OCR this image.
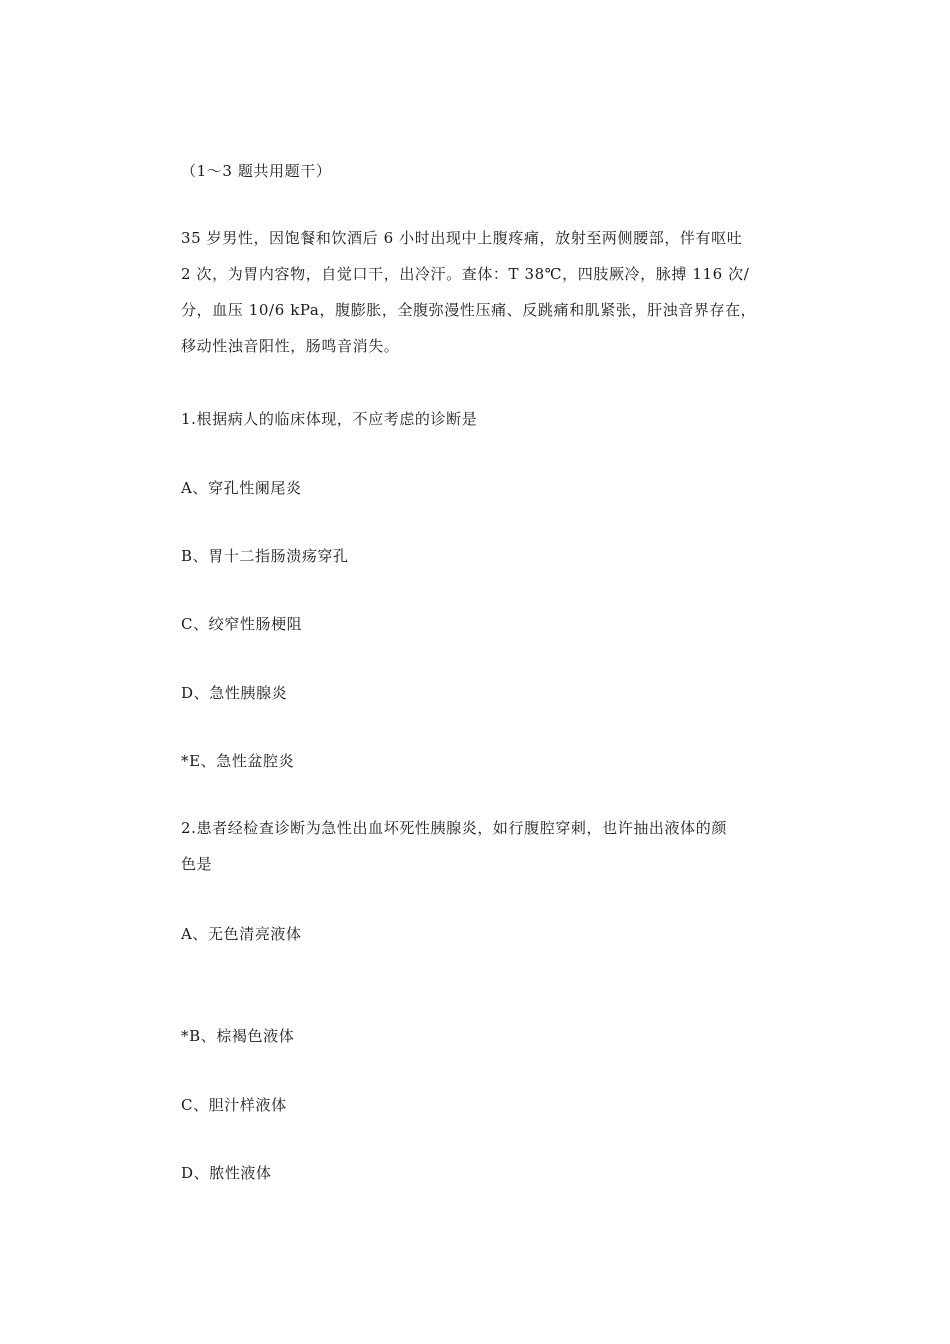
（1～3 题共用题干）
35 岁男性，因饱餐和饮酒后 6 小时出现中上腹疼痛，放射至两侧腰部，伴有呕吐
2 次，为胃内容物，自觉口干，出冷汗。查体：T 38℃，四肢厥冷，脉搏 116 次/
分，血压 10/6 kPa，腹膨胀，全腹弥漫性压痛、反跳痛和肌紧张，肝浊音界存在，
移动性浊音阳性，肠鸣音消失。
1.根据病人的临床体现，不应考虑的诊断是
A、穿孔性阑尾炎
B、胃十二指肠溃疡穿孔
C、绞窄性肠梗阻
D、急性胰腺炎
*E、急性盆腔炎
2.患者经检查诊断为急性出血坏死性胰腺炎，如行腹腔穿刺，也许抽出液体的颜
色是
A、无色清亮液体
*B、棕褐色液体
C、胆汁样液体
D、脓性液体
